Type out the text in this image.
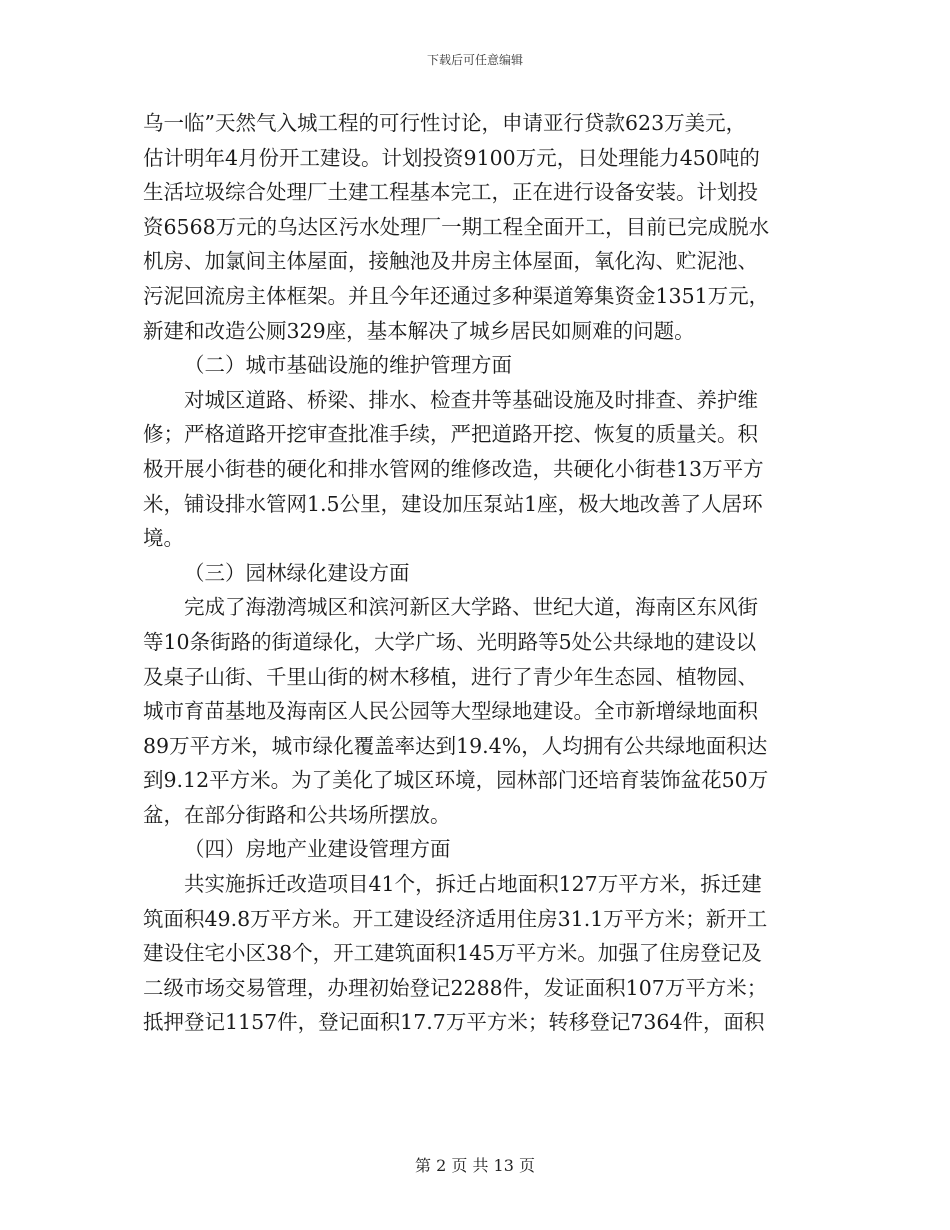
下载后可任意编辑
乌一临”天然气入城工程的可行性讨论，申请亚行贷款623万美元，
估计明年4月份开工建设。计划投资9100万元，日处理能力450吨的
生活垃圾综合处理厂土建工程基本完工，正在进行设备安装。计划投
资6568万元的乌达区污水处理厂一期工程全面开工，目前已完成脱水
机房、加氯间主体屋面，接触池及井房主体屋面，氧化沟、贮泥池、
污泥回流房主体框架。并且今年还通过多种渠道筹集资金1351万元，
新建和改造公厕329座，基本解决了城乡居民如厕难的问题。
（二）城市基础设施的维护管理方面
对城区道路、桥梁、排水、检查井等基础设施及时排查、养护维
修；严格道路开挖审查批准手续，严把道路开挖、恢复的质量关。积
极开展小街巷的硬化和排水管网的维修改造，共硬化小街巷13万平方
米，铺设排水管网1.5公里，建设加压泵站1座，极大地改善了人居环
境。
（三）园林绿化建设方面
完成了海渤湾城区和滨河新区大学路、世纪大道，海南区东风街
等10条街路的街道绿化，大学广场、光明路等5处公共绿地的建设以
及桌子山街、千里山街的树木移植，进行了青少年生态园、植物园、
城市育苗基地及海南区人民公园等大型绿地建设。全市新增绿地面积
89万平方米，城市绿化覆盖率达到19.4%，人均拥有公共绿地面积达
到9.12平方米。为了美化了城区环境，园林部门还培育装饰盆花50万
盆，在部分街路和公共场所摆放。
（四）房地产业建设管理方面
共实施拆迁改造项目41个，拆迁占地面积127万平方米，拆迁建
筑面积49.8万平方米。开工建设经济适用住房31.1万平方米；新开工
建设住宅小区38个，开工建筑面积145万平方米。加强了住房登记及
二级市场交易管理，办理初始登记2288件，发证面积107万平方米；
抵押登记1157件，登记面积17.7万平方米；转移登记7364件，面积
第 2 页 共 13 页
